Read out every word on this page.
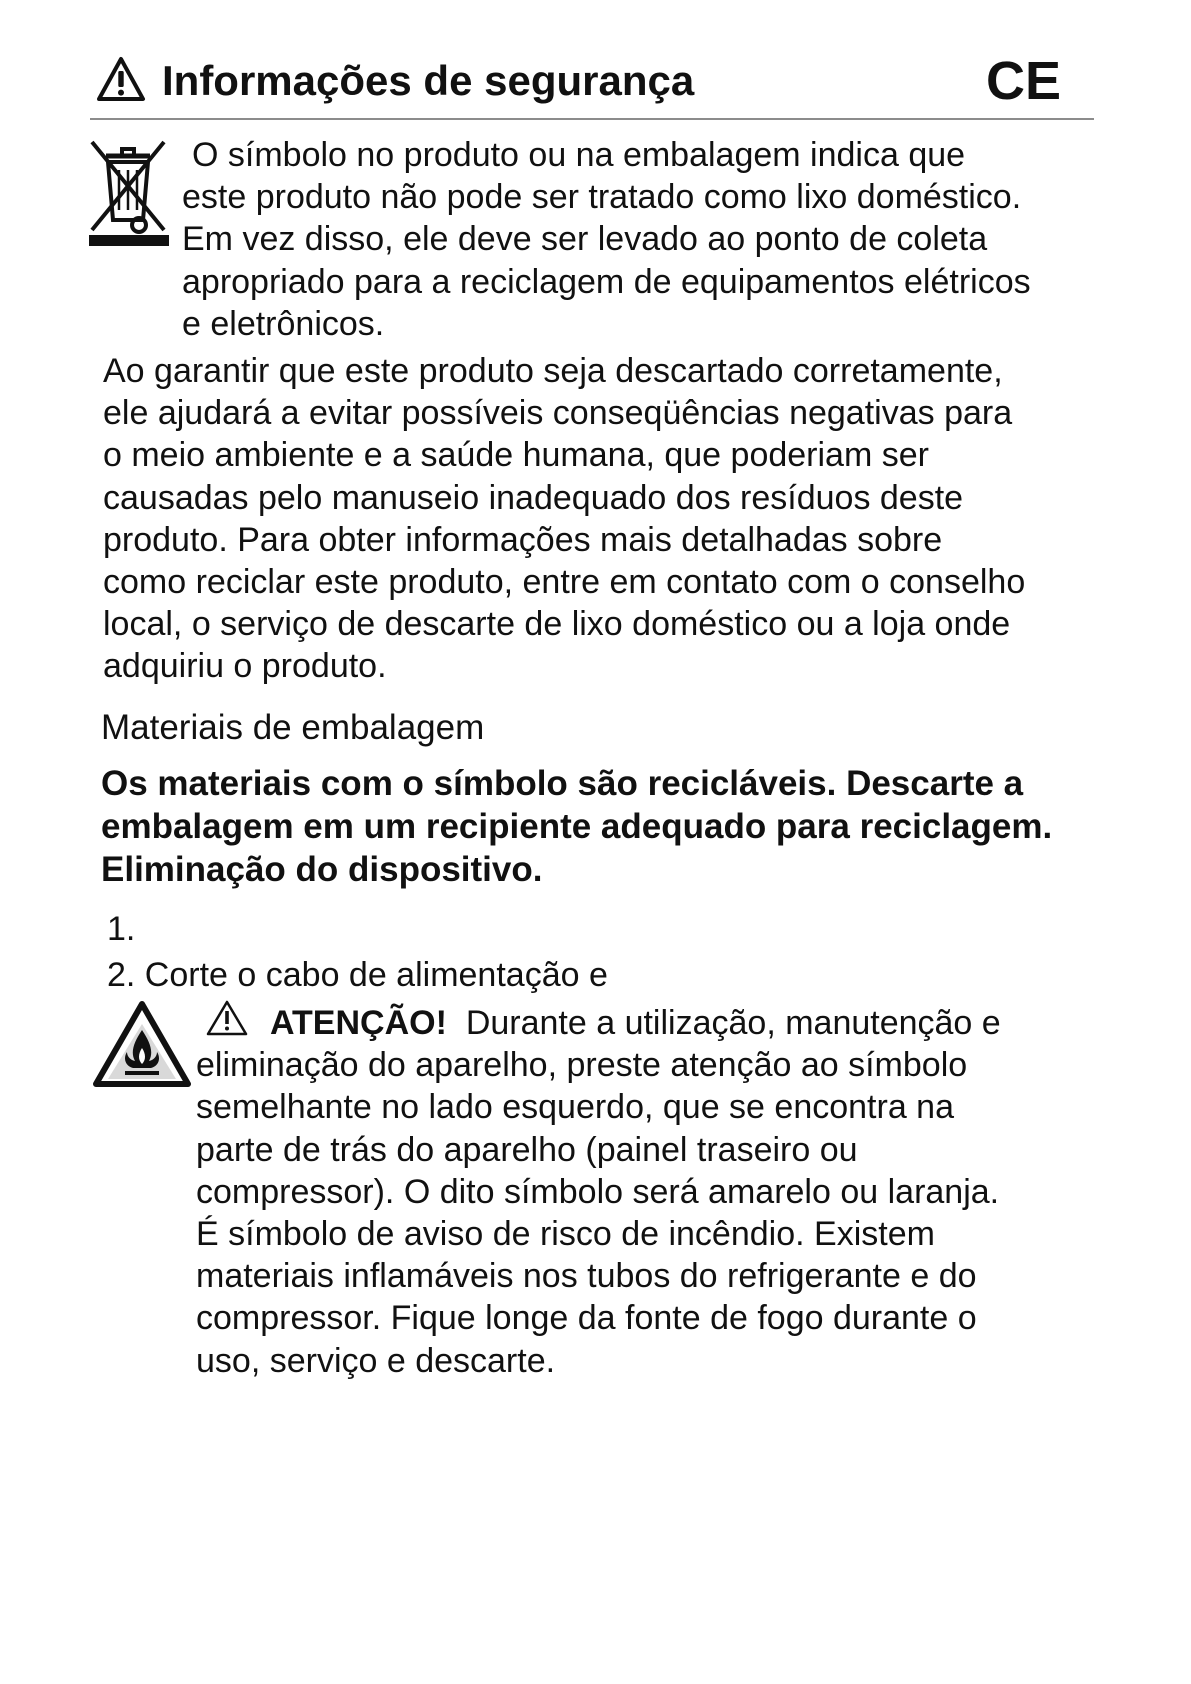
Informações de segurança	CE
O símbolo no produto ou na embalagem indica que
este produto não pode ser tratado como lixo doméstico.
Em vez disso, ele deve ser levado ao ponto de coleta
apropriado para a reciclagem de equipamentos elétricos
e eletrônicos.
Ao garantir que este produto seja descartado corretamente,
ele ajudará a evitar possíveis conseqüências negativas para
o meio ambiente e a saúde humana, que poderiam ser
causadas pelo manuseio inadequado dos resíduos deste
produto. Para obter informações mais detalhadas sobre
como reciclar este produto, entre em contato com o conselho
local, o serviço de descarte de lixo doméstico ou a loja onde
adquiriu o produto.
Materiais de embalagem
Os materiais com o símbolo são recicláveis. Descarte a
embalagem em um recipiente adequado para reciclagem.
Eliminação do dispositivo.
1.
2. Corte o cabo de alimentação e
ATENÇÃO! Durante a utilização, manutenção e
eliminação do aparelho, preste atenção ao símbolo
semelhante no lado esquerdo, que se encontra na
parte de trás do aparelho (painel traseiro ou
compressor). O dito símbolo será amarelo ou laranja.
É símbolo de aviso de risco de incêndio. Existem
materiais inflamáveis nos tubos do refrigerante e do
compressor. Fique longe da fonte de fogo durante o
uso, serviço e descarte.
